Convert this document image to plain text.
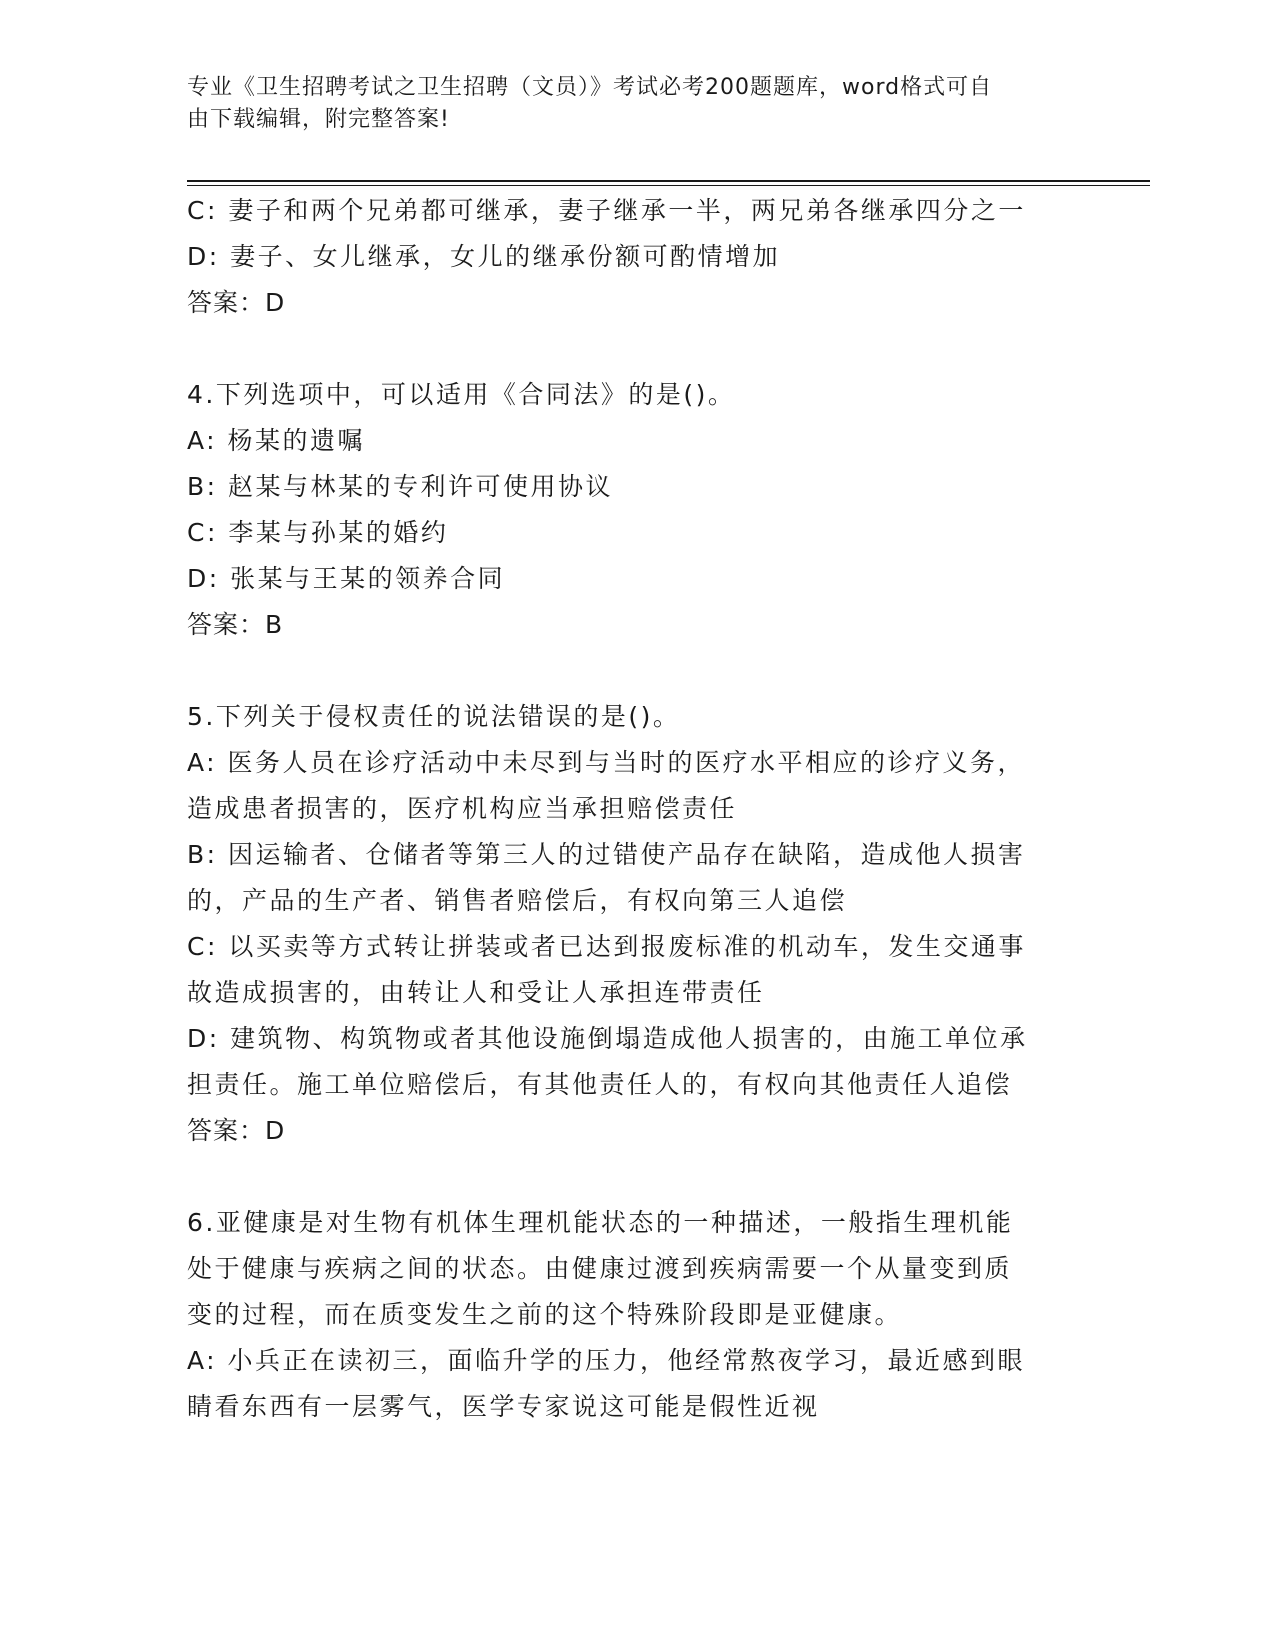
专业《卫生招聘考试之卫生招聘（文员）》考试必考200题题库，word格式可自
由下载编辑，附完整答案!
C: 妻子和两个兄弟都可继承，妻子继承一半，两兄弟各继承四分之一
D: 妻子、女儿继承，女儿的继承份额可酌情增加
答案：D
4.下列选项中，可以适用《合同法》的是()。
A: 杨某的遗嘱
B: 赵某与林某的专利许可使用协议
C: 李某与孙某的婚约
D: 张某与王某的领养合同
答案：B
5.下列关于侵权责任的说法错误的是()。
A: 医务人员在诊疗活动中未尽到与当时的医疗水平相应的诊疗义务，
造成患者损害的，医疗机构应当承担赔偿责任
B: 因运输者、仓储者等第三人的过错使产品存在缺陷，造成他人损害
的，产品的生产者、销售者赔偿后，有权向第三人追偿
C: 以买卖等方式转让拼装或者已达到报废标准的机动车，发生交通事
故造成损害的，由转让人和受让人承担连带责任
D: 建筑物、构筑物或者其他设施倒塌造成他人损害的，由施工单位承
担责任。施工单位赔偿后，有其他责任人的，有权向其他责任人追偿
答案：D
6.亚健康是对生物有机体生理机能状态的一种描述，一般指生理机能
处于健康与疾病之间的状态。由健康过渡到疾病需要一个从量变到质
变的过程，而在质变发生之前的这个特殊阶段即是亚健康。
A: 小兵正在读初三，面临升学的压力，他经常熬夜学习，最近感到眼
睛看东西有一层雾气，医学专家说这可能是假性近视
